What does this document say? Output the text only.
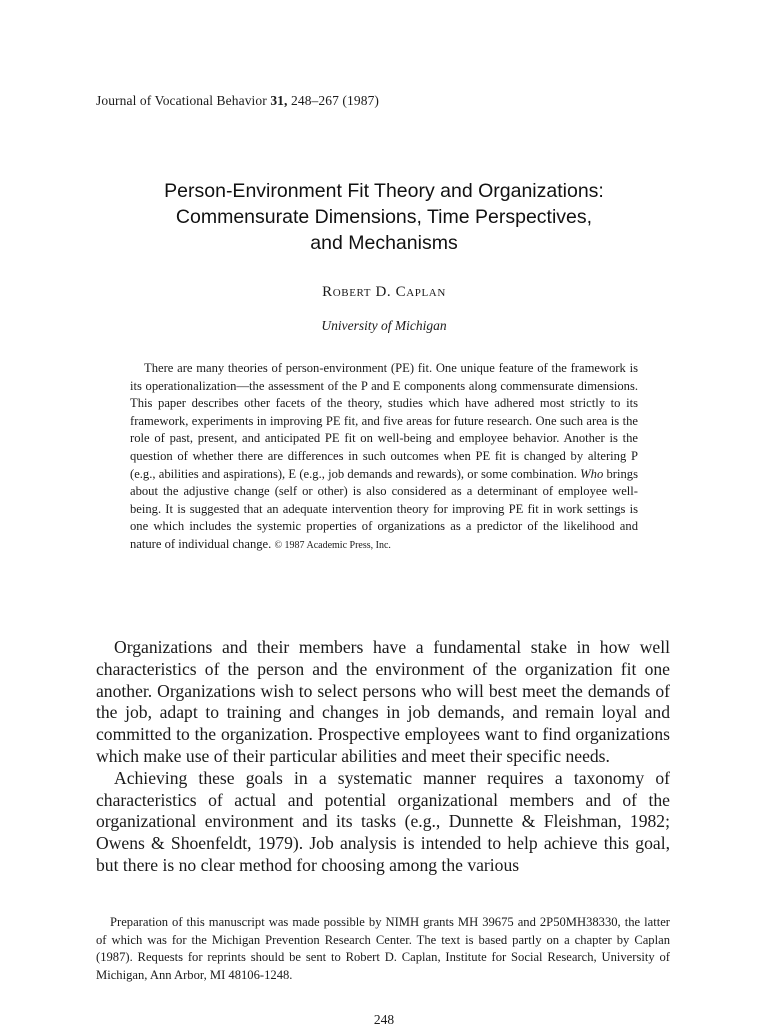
Journal of Vocational Behavior 31, 248–267 (1987)
Person-Environment Fit Theory and Organizations:
Commensurate Dimensions, Time Perspectives,
and Mechanisms
Robert D. Caplan
University of Michigan
There are many theories of person-environment (PE) fit. One unique feature of the framework is its operationalization—the assessment of the P and E components along commensurate dimensions. This paper describes other facets of the theory, studies which have adhered most strictly to its framework, experiments in improving PE fit, and five areas for future research. One such area is the role of past, present, and anticipated PE fit on well-being and employee behavior. Another is the question of whether there are differences in such outcomes when PE fit is changed by altering P (e.g., abilities and aspirations), E (e.g., job demands and rewards), or some combination. Who brings about the adjustive change (self or other) is also considered as a determinant of employee well-being. It is suggested that an adequate intervention theory for improving PE fit in work settings is one which includes the systemic properties of organizations as a predictor of the likelihood and nature of individual change. © 1987 Academic Press, Inc.

Organizations and their members have a fundamental stake in how well characteristics of the person and the environment of the organization fit one another. Organizations wish to select persons who will best meet the demands of the job, adapt to training and changes in job demands, and remain loyal and committed to the organization. Prospective employees want to find organizations which make use of their particular abilities and meet their specific needs.

Achieving these goals in a systematic manner requires a taxonomy of characteristics of actual and potential organizational members and of the organizational environment and its tasks (e.g., Dunnette & Fleishman, 1982; Owens & Shoenfeldt, 1979). Job analysis is intended to help achieve this goal, but there is no clear method for choosing among the various

Preparation of this manuscript was made possible by NIMH grants MH 39675 and 2P50MH38330, the latter of which was for the Michigan Prevention Research Center. The text is based partly on a chapter by Caplan (1987). Requests for reprints should be sent to Robert D. Caplan, Institute for Social Research, University of Michigan, Ann Arbor, MI 48106-1248.
248
